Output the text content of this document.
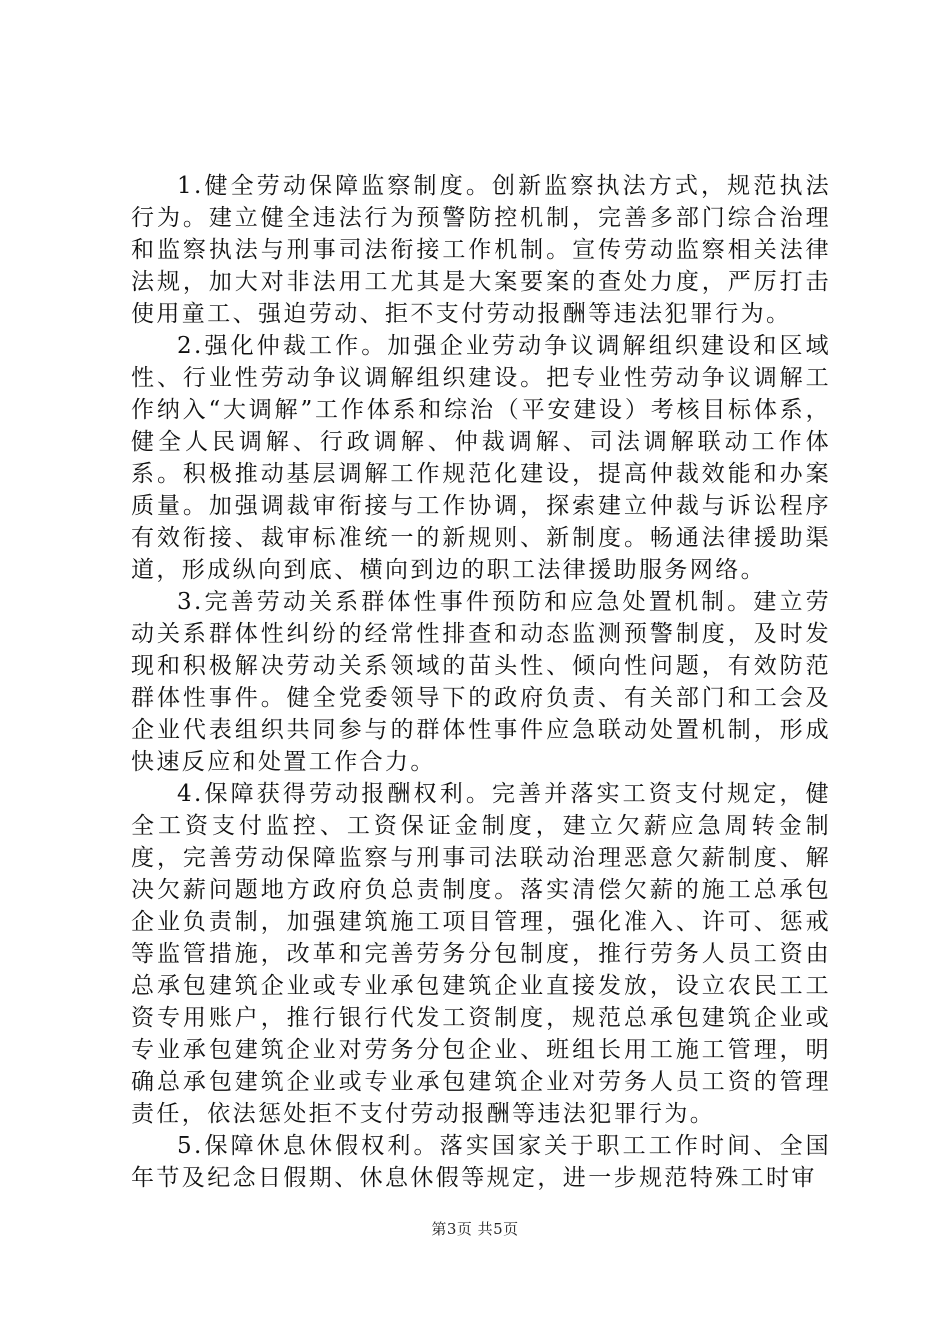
1.健全劳动保障监察制度。创新监察执法方式，规范执法行为。建立健全违法行为预警防控机制，完善多部门综合治理和监察执法与刑事司法衔接工作机制。宣传劳动监察相关法律法规，加大对非法用工尤其是大案要案的查处力度，严厉打击使用童工、强迫劳动、拒不支付劳动报酬等违法犯罪行为。

2.强化仲裁工作。加强企业劳动争议调解组织建设和区域性、行业性劳动争议调解组织建设。把专业性劳动争议调解工作纳入“大调解”工作体系和综治（平安建设）考核目标体系，健全人民调解、行政调解、仲裁调解、司法调解联动工作体系。积极推动基层调解工作规范化建设，提高仲裁效能和办案质量。加强调裁审衔接与工作协调，探索建立仲裁与诉讼程序有效衔接、裁审标准统一的新规则、新制度。畅通法律援助渠道，形成纵向到底、横向到边的职工法律援助服务网络。

3.完善劳动关系群体性事件预防和应急处置机制。建立劳动关系群体性纠纷的经常性排查和动态监测预警制度，及时发现和积极解决劳动关系领域的苗头性、倾向性问题，有效防范群体性事件。健全党委领导下的政府负责、有关部门和工会及企业代表组织共同参与的群体性事件应急联动处置机制，形成快速反应和处置工作合力。

4.保障获得劳动报酬权利。完善并落实工资支付规定，健全工资支付监控、工资保证金制度，建立欠薪应急周转金制度，完善劳动保障监察与刑事司法联动治理恶意欠薪制度、解决欠薪问题地方政府负总责制度。落实清偿欠薪的施工总承包企业负责制，加强建筑施工项目管理，强化准入、许可、惩戒等监管措施，改革和完善劳务分包制度，推行劳务人员工资由总承包建筑企业或专业承包建筑企业直接发放，设立农民工工资专用账户，推行银行代发工资制度，规范总承包建筑企业或专业承包建筑企业对劳务分包企业、班组长用工施工管理，明确总承包建筑企业或专业承包建筑企业对劳务人员工资的管理责任，依法惩处拒不支付劳动报酬等违法犯罪行为。

5.保障休息休假权利。落实国家关于职工工作时间、全国年节及纪念日假期、休息休假等规定，进一步规范特殊工时审

第3页 共5页
